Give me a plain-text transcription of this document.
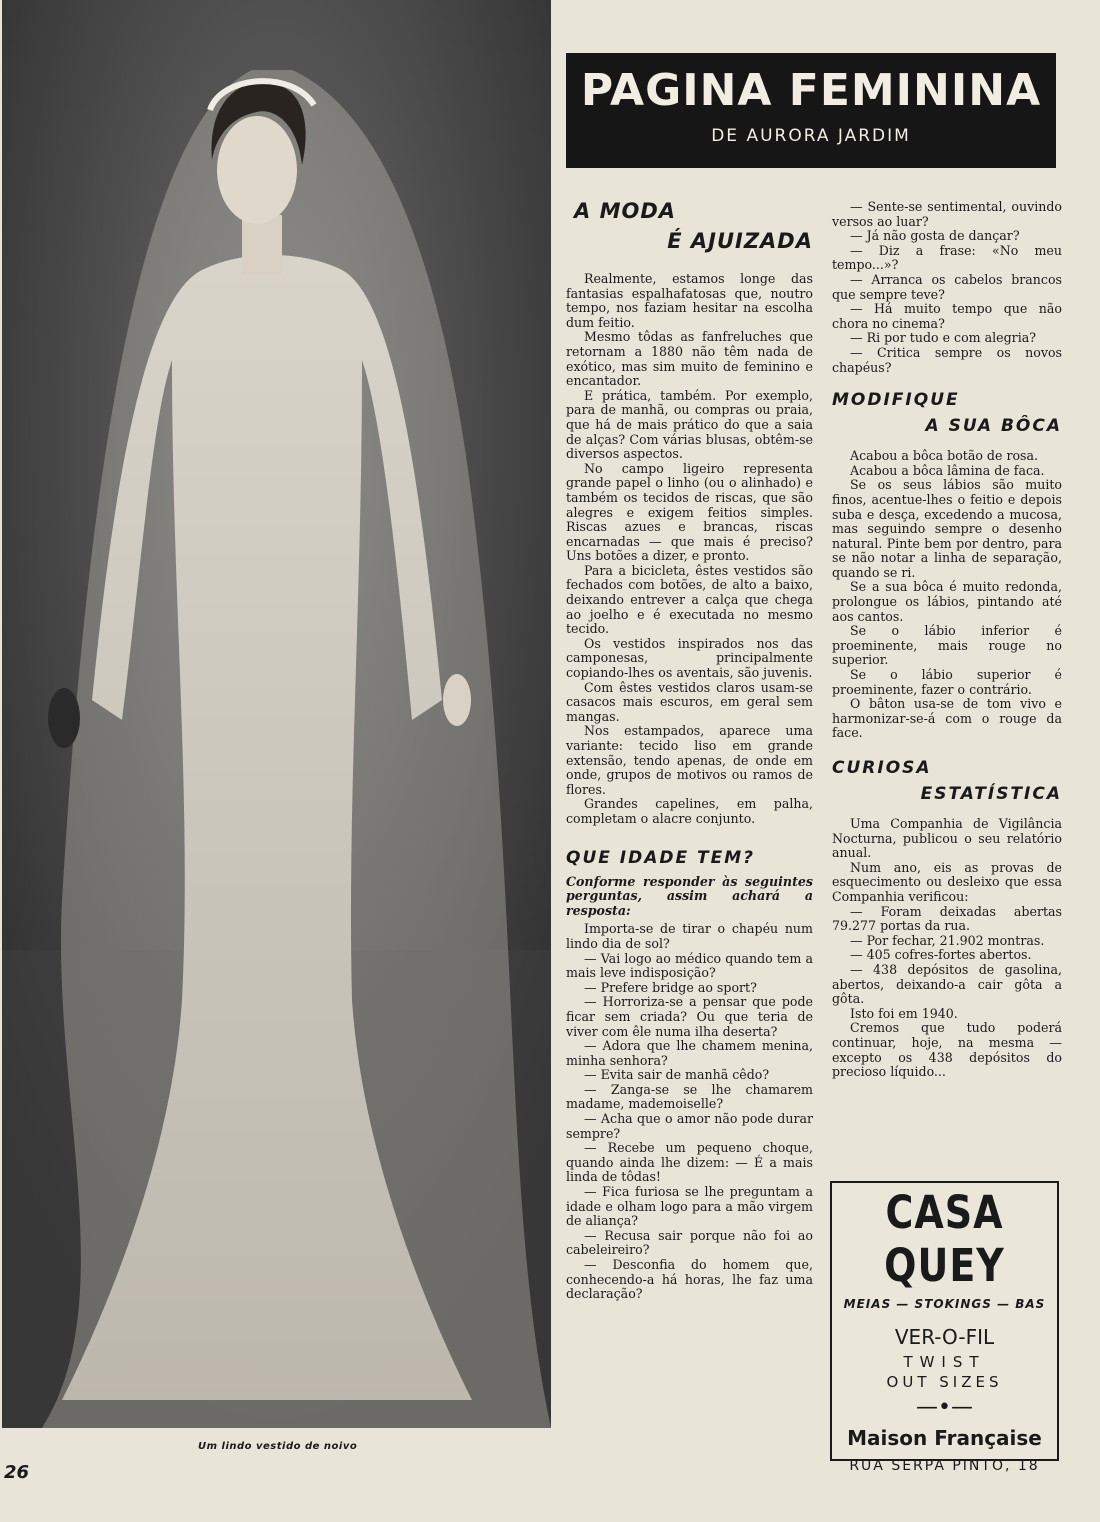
Um lindo vestido de noivo
26
PAGINA FEMININA
DE AURORA JARDIM
A MODA
É AJUIZADA

Realmente, estamos longe das fantasias espalhafatosas que, noutro tempo, nos faziam hesitar na escolha dum feitio.

Mesmo tôdas as fanfreluches que retornam a 1880 não têm nada de exótico, mas sim muito de feminino e encantador.

E prática, também. Por exemplo, para de manhã, ou compras ou praia, que há de mais prático do que a saia de alças? Com várias blusas, obtêm-se diversos aspectos.

No campo ligeiro representa grande papel o linho (ou o alinhado) e também os tecidos de riscas, que são alegres e exigem feitios simples. Riscas azues e brancas, riscas encarnadas — que mais é preciso? Uns botões a dizer, e pronto.

Para a bicicleta, êstes vestidos são fechados com botões, de alto a baixo, deixando entrever a calça que chega ao joelho e é executada no mesmo tecido.

Os vestidos inspirados nos das camponesas, principalmente copiando-lhes os aventais, são juvenis.

Com êstes vestidos claros usam-se casacos mais escuros, em geral sem mangas.

Nos estampados, aparece uma variante: tecido liso em grande extensão, tendo apenas, de onde em onde, grupos de motivos ou ramos de flores.

Grandes capelines, em palha, completam o alacre conjunto.

QUE IDADE TEM?

Conforme responder às seguintes perguntas, assim achará a resposta:

Importa-se de tirar o chapéu num lindo dia de sol?

— Vai logo ao médico quando tem a mais leve indisposição?

— Prefere bridge ao sport?

— Horroriza-se a pensar que pode ficar sem criada? Ou que teria de viver com êle numa ilha deserta?

— Adora que lhe chamem menina, minha senhora?

— Evita sair de manhã cêdo?

— Zanga-se se lhe chamarem madame, mademoiselle?

— Acha que o amor não pode durar sempre?

— Recebe um pequeno choque, quando ainda lhe dizem: — É a mais linda de tôdas!

— Fica furiosa se lhe preguntam a idade e olham logo para a mão virgem de aliança?

— Recusa sair porque não foi ao cabeleireiro?

— Desconfia do homem que, conhecendo-a há horas, lhe faz uma declaração?

— Sente-se sentimental, ouvindo versos ao luar?

— Já não gosta de dançar?

— Diz a frase: «No meu tempo...»?

— Arranca os cabelos brancos que sempre teve?

— Há muito tempo que não chora no cinema?

— Ri por tudo e com alegria?

— Critica sempre os novos chapéus?

MODIFIQUE
A SUA BÔCA

Acabou a bôca botão de rosa.

Acabou a bôca lâmina de faca.

Se os seus lábios são muito finos, acentue-lhes o feitio e depois suba e desça, excedendo a mucosa, mas seguindo sempre o desenho natural. Pinte bem por dentro, para se não notar a linha de separação, quando se ri.

Se a sua bôca é muito redonda, prolongue os lábios, pintando até aos cantos.

Se o lábio inferior é proeminente, mais rouge no superior.

Se o lábio superior é proeminente, fazer o contrário.

O bâton usa-se de tom vivo e harmonizar-se-á com o rouge da face.

CURIOSA
ESTATÍSTICA

Uma Companhia de Vigilância Nocturna, publicou o seu relatório anual.

Num ano, eis as provas de esquecimento ou desleixo que essa Companhia verificou:

— Foram deixadas abertas 79.277 portas da rua.

— Por fechar, 21.902 montras.

— 405 cofres-fortes abertos.

— 438 depósitos de gasolina, abertos, deixando-a cair gôta a gôta.

Isto foi em 1940.

Cremos que tudo poderá continuar, hoje, na mesma — excepto os 438 depósitos do precioso líquido...

CASA QUEY
MEIAS — STOKINGS — BAS
VER-O-FIL
TWIST
OUT SIZES
—•—
Maison Française
RUA SERPA PINTO, 18
